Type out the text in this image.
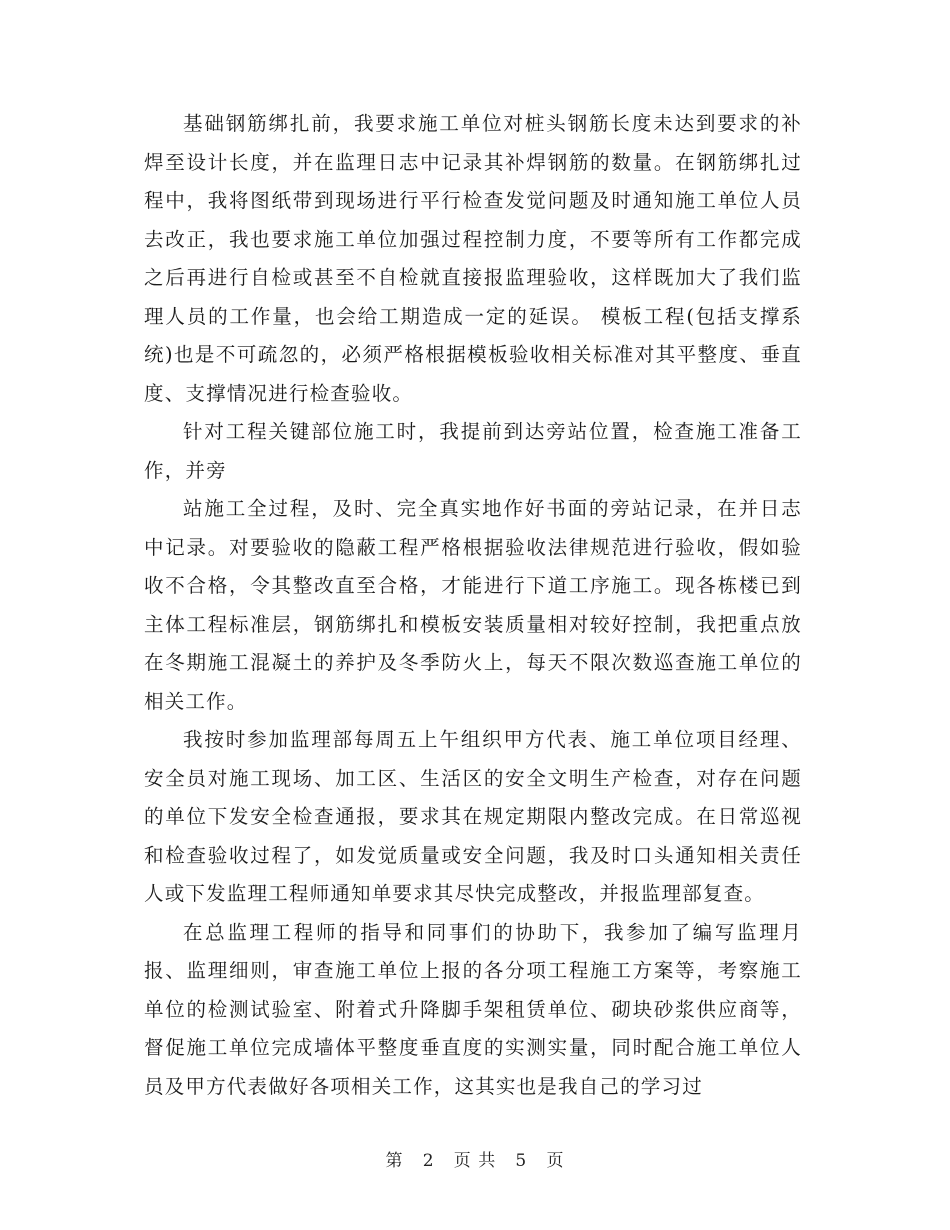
基础钢筋绑扎前，我要求施工单位对桩头钢筋长度未达到要求的补焊至设计长度，并在监理日志中记录其补焊钢筋的数量。在钢筋绑扎过程中，我将图纸带到现场进行平行检查发觉问题及时通知施工单位人员去改正，我也要求施工单位加强过程控制力度，不要等所有工作都完成之后再进行自检或甚至不自检就直接报监理验收，这样既加大了我们监理人员的工作量，也会给工期造成一定的延误。 模板工程(包括支撑系统)也是不可疏忽的，必须严格根据模板验收相关标准对其平整度、垂直度、支撑情况进行检查验收。

针对工程关键部位施工时，我提前到达旁站位置，检查施工准备工作，并旁

站施工全过程，及时、完全真实地作好书面的旁站记录，在并日志中记录。对要验收的隐蔽工程严格根据验收法律规范进行验收，假如验收不合格，令其整改直至合格，才能进行下道工序施工。现各栋楼已到主体工程标准层，钢筋绑扎和模板安装质量相对较好控制，我把重点放在冬期施工混凝土的养护及冬季防火上，每天不限次数巡查施工单位的相关工作。

我按时参加监理部每周五上午组织甲方代表、施工单位项目经理、安全员对施工现场、加工区、生活区的安全文明生产检查，对存在问题的单位下发安全检查通报，要求其在规定期限内整改完成。在日常巡视和检查验收过程了，如发觉质量或安全问题，我及时口头通知相关责任人或下发监理工程师通知单要求其尽快完成整改，并报监理部复查。

在总监理工程师的指导和同事们的协助下，我参加了编写监理月报、监理细则，审查施工单位上报的各分项工程施工方案等，考察施工单位的检测试验室、附着式升降脚手架租赁单位、砌块砂浆供应商等，督促施工单位完成墙体平整度垂直度的实测实量，同时配合施工单位人员及甲方代表做好各项相关工作，这其实也是我自己的学习过

第 2 页 共 5 页
